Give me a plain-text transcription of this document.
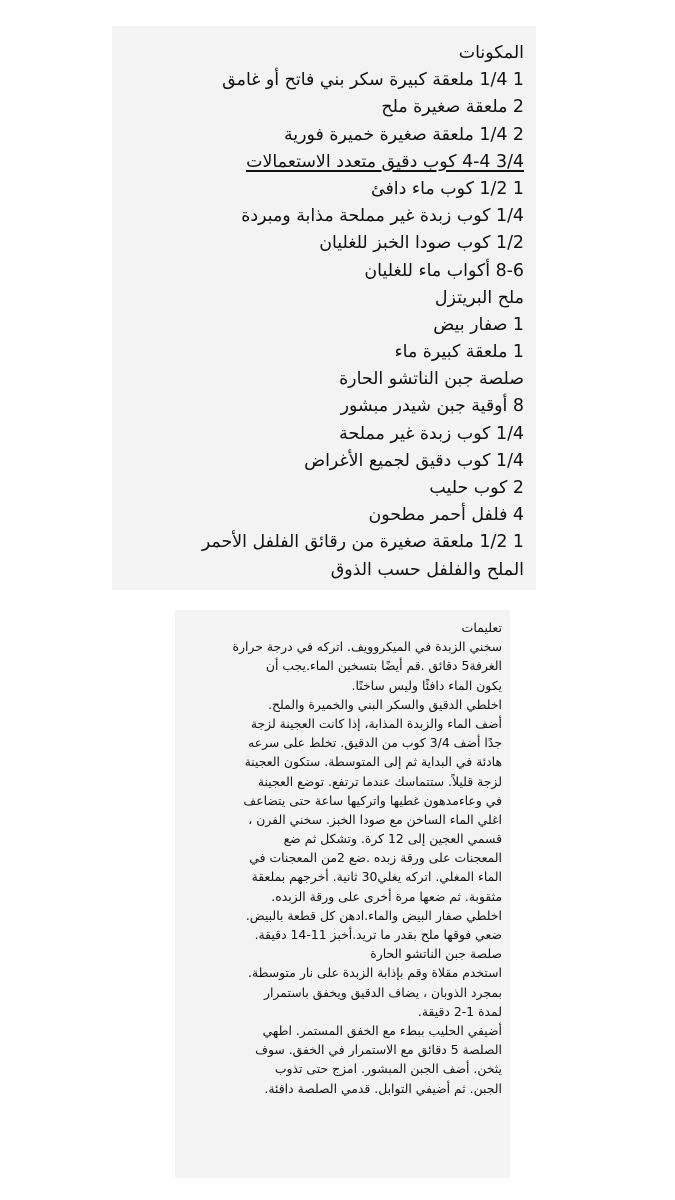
المكونات
1 1/4 ملعقة كبيرة سكر بني فاتح أو غامق
2 ملعقة صغيرة ملح
2 1/4 ملعقة صغيرة خميرة فورية
3/4 4-4 كوب دقيق متعدد الاستعمالات
1 1/2 كوب ماء دافئ
1/4 كوب زبدة غير مملحة مذابة ومبردة
1/2 كوب صودا الخبز للغليان
8-6 أكواب ماء للغليان
ملح البريتزل
1 صفار بيض
1 ملعقة كبيرة ماء
صلصة جبن الناتشو الحارة
8 أوقية جبن شيدر مبشور
1/4 كوب زبدة غير مملحة
1/4 كوب دقيق لجميع الأغراض
2 كوب حليب
4 فلفل أحمر مطحون
1 1/2 ملعقة صغيرة من رقائق الفلفل الأحمر
الملح والفلفل حسب الذوق
تعليمات
سخني الزبدة في الميكروويف. اتركه في درجة حرارة
الغرفة5 دقائق .قم أيضًا بتسخين الماء.يجب أن
يكون الماء دافئًا وليس ساخنًا.
اخلطي الدقيق والسكر البني والخميرة والملح.
أضف الماء والزبدة المذابة، إذا كانت العجينة لزجة
جدًا أضف 3/4 كوب من الدقيق. تخلط على سرعه
هادئة في البداية ثم إلى المتوسطة. ستكون العجينة
لزجة قليلاً. ستتماسك عندما ترتفع. توضع العجينة
في وعاءمدهون غطيها واتركيها ساعة حتى يتضاعف
اغلي الماء الساخن مع صودا الخبز. سخني الفرن ،
قسمي العجين إلى 12 كرة. وتشكل ثم ضع
المعجنات على ورقة زبده .ضع 2من المعجنات في
الماء المغلي. اتركه يغلي30 ثانية. أخرجهم بملعقة
مثقوبة. ثم ضعها مرة أخرى على ورقة الزبده.
اخلطي صفار البيض والماء.ادهن كل قطعة بالبيض.
ضعي فوقها ملح بقدر ما تريد.أخبز 11-14 دقيقة.
صلصة جبن الناتشو الحارة
استخدم مقلاة وقم بإذابة الزبدة على نار متوسطة.
بمجرد الذوبان ، يضاف الدقيق ويخفق باستمرار
لمدة 1-2 دقيقة.
أضيفي الحليب ببطء مع الخفق المستمر. اطهي
الصلصة 5 دقائق مع الاستمرار في الخفق. سوف
يثخن. أضف الجبن المبشور. امزج حتى تذوب
الجبن. ثم أضيفي التوابل. قدمي الصلصة دافئة.
